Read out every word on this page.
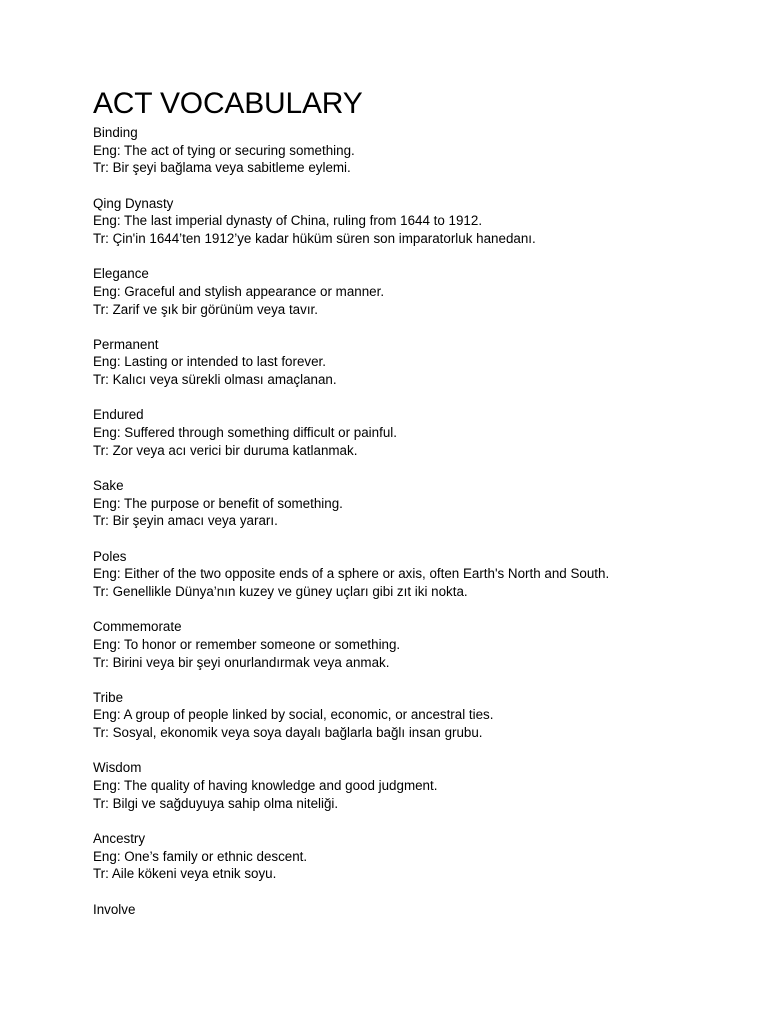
ACT VOCABULARY
Binding
Eng: The act of tying or securing something.
Tr: Bir şeyi bağlama veya sabitleme eylemi.
Qing Dynasty
Eng: The last imperial dynasty of China, ruling from 1644 to 1912.
Tr: Çin'in 1644’ten 1912’ye kadar hüküm süren son imparatorluk hanedanı.
Elegance
Eng: Graceful and stylish appearance or manner.
Tr: Zarif ve şık bir görünüm veya tavır.
Permanent
Eng: Lasting or intended to last forever.
Tr: Kalıcı veya sürekli olması amaçlanan.
Endured
Eng: Suffered through something difficult or painful.
Tr: Zor veya acı verici bir duruma katlanmak.
Sake
Eng: The purpose or benefit of something.
Tr: Bir şeyin amacı veya yararı.
Poles
Eng: Either of the two opposite ends of a sphere or axis, often Earth's North and South.
Tr: Genellikle Dünya’nın kuzey ve güney uçları gibi zıt iki nokta.
Commemorate
Eng: To honor or remember someone or something.
Tr: Birini veya bir şeyi onurlandırmak veya anmak.
Tribe
Eng: A group of people linked by social, economic, or ancestral ties.
Tr: Sosyal, ekonomik veya soya dayalı bağlarla bağlı insan grubu.
Wisdom
Eng: The quality of having knowledge and good judgment.
Tr: Bilgi ve sağduyuya sahip olma niteliği.
Ancestry
Eng: One’s family or ethnic descent.
Tr: Aile kökeni veya etnik soyu.
Involve
